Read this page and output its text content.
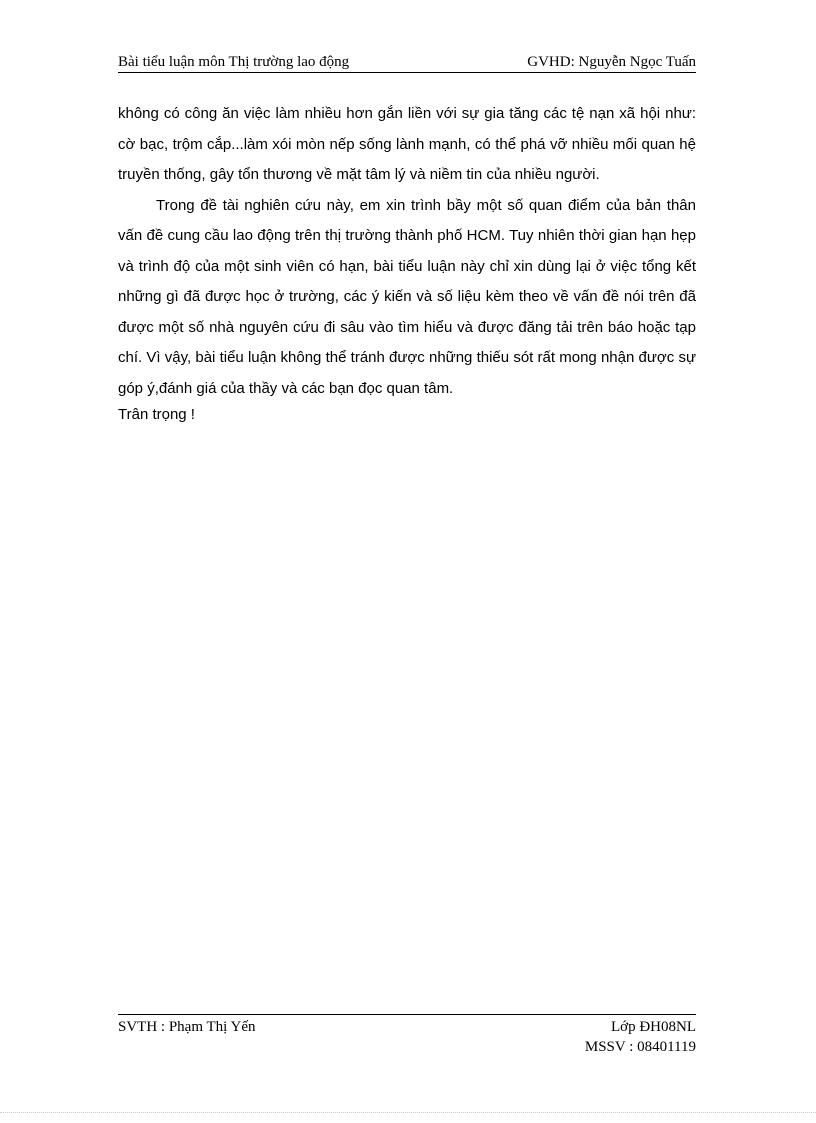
Bài tiểu luận môn Thị trường lao động	GVHD: Nguyễn Ngọc Tuấn

không có công ăn việc làm nhiều hơn gắn liền với sự gia tăng các tệ nạn xã hội như: cờ bạc, trộm cắp...làm xói mòn nếp sống lành mạnh, có thể phá vỡ nhiều mối quan hệ truyền thống, gây tổn thương về mặt tâm lý và niềm tin của nhiều người.

Trong đề tài nghiên cứu này, em xin trình bầy một số quan điểm của bản thân vấn đề cung cầu lao động trên thị trường thành phố HCM. Tuy nhiên thời gian hạn hẹp và trình độ của một sinh viên có hạn, bài tiểu luận này chỉ xin dùng lại ở việc tổng kết những gì đã được học ở trường, các ý kiến và số liệu kèm theo về vấn đề nói trên đã được một số nhà nguyên cứu đi sâu vào tìm hiểu và được đăng tải trên báo hoặc tạp chí. Vì vậy, bài tiểu luận không thể tránh được những thiếu sót rất mong nhận được sự góp ý,đánh giá của thầy và các bạn đọc quan tâm.

Trân trọng !

SVTH : Phạm Thị Yến	Lớp ĐH08NL
MSSV : 08401119
